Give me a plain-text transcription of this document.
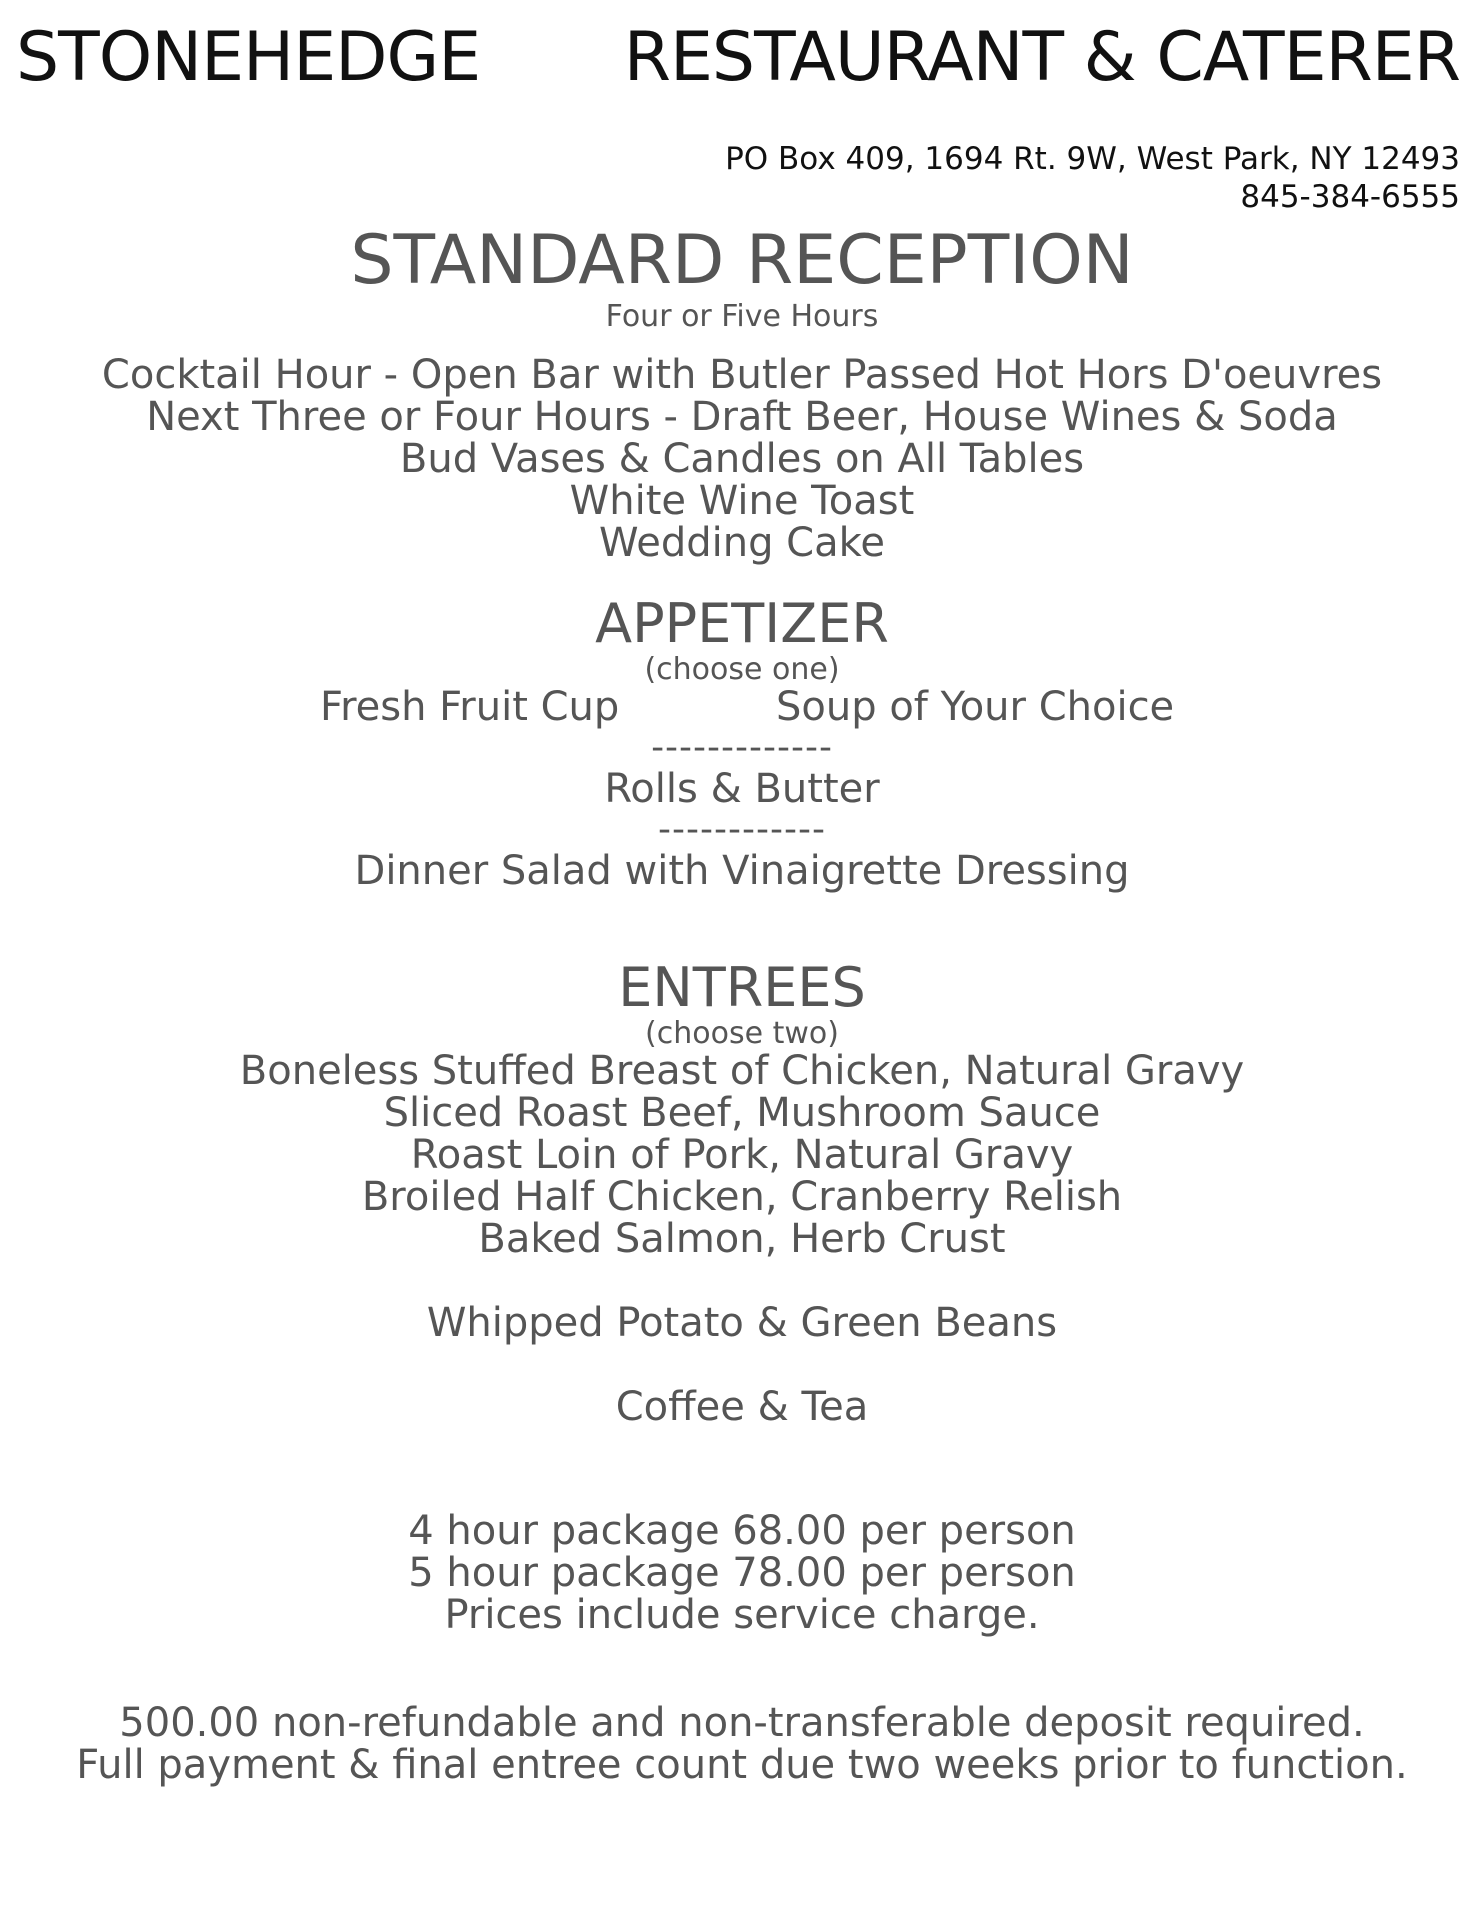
STONEHEDGE RESTAURANT & CATERER
PO Box 409, 1694 Rt. 9W, West Park, NY 12493
845-384-6555

STANDARD RECEPTION

Four or Five Hours

Cocktail Hour - Open Bar with Butler Passed Hot Hors D'oeuvres

Next Three or Four Hours - Draft Beer, House Wines & Soda

Bud Vases & Candles on All Tables

White Wine Toast

Wedding Cake

APPETIZER

(choose one)

Fresh Fruit Cup	Soup of Your Choice

-------------

Rolls & Butter

------------

Dinner Salad with Vinaigrette Dressing

ENTREES

(choose two)

Boneless Stuffed Breast of Chicken, Natural Gravy

Sliced Roast Beef, Mushroom Sauce

Roast Loin of Pork, Natural Gravy

Broiled Half Chicken, Cranberry Relish

Baked Salmon, Herb Crust

Whipped Potato & Green Beans

Coffee & Tea

4 hour package 68.00 per person

5 hour package 78.00 per person

Prices include service charge.

500.00 non-refundable and non-transferable deposit required.

Full payment & final entree count due two weeks prior to function.
